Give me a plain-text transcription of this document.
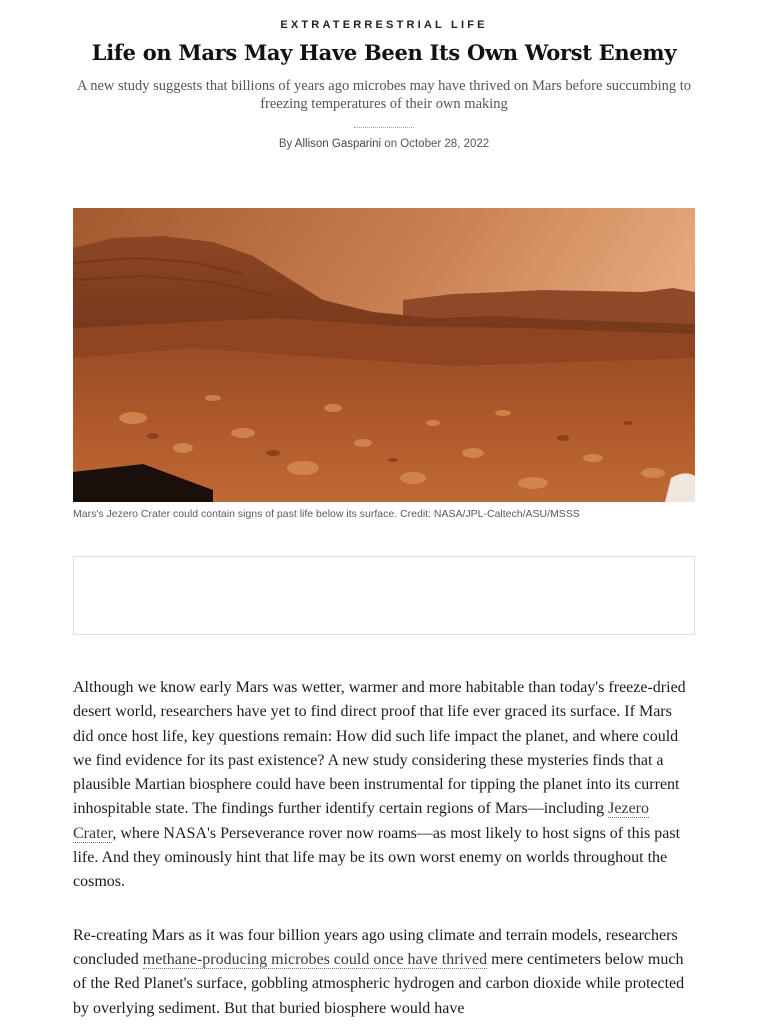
EXTRATERRESTRIAL LIFE
Life on Mars May Have Been Its Own Worst Enemy

A new study suggests that billions of years ago microbes may have thrived on Mars before succumbing to freezing temperatures of their own making

By Allison Gasparini on October 28, 2022
Mars's Jezero Crater could contain signs of past life below its surface. Credit: NASA/JPL-Caltech/ASU/MSSS

Although we know early Mars was wetter, warmer and more habitable than today's freeze-dried desert world, researchers have yet to find direct proof that life ever graced its surface. If Mars did once host life, key questions remain: How did such life impact the planet, and where could we find evidence for its past existence? A new study considering these mysteries finds that a plausible Martian biosphere could have been instrumental for tipping the planet into its current inhospitable state. The findings further identify certain regions of Mars—including Jezero Crater, where NASA's Perseverance rover now roams—as most likely to host signs of this past life. And they ominously hint that life may be its own worst enemy on worlds throughout the cosmos.

Re-creating Mars as it was four billion years ago using climate and terrain models, researchers concluded methane-producing microbes could once have thrived mere centimeters below much of the Red Planet's surface, gobbling atmospheric hydrogen and carbon dioxide while protected by overlying sediment. But that buried biosphere would have
